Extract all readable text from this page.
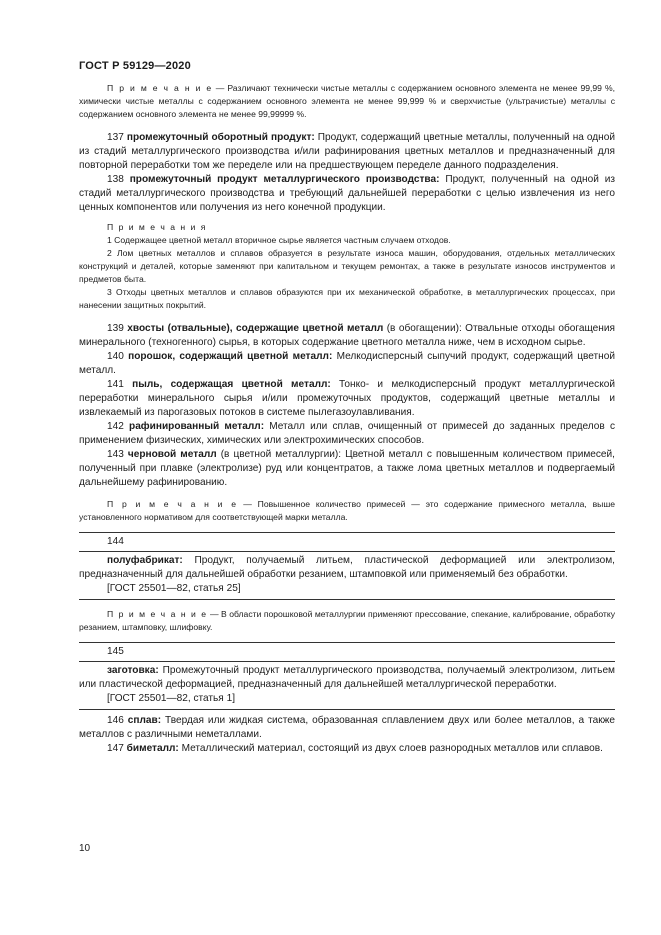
ГОСТ Р 59129—2020

П р и м е ч а н и е — Различают технически чистые металлы с содержанием основного элемента не менее 99,99 %, химически чистые металлы с содержанием основного элемента не менее 99,999 % и сверхчистые (ультрачистые) металлы с содержанием основного элемента не менее 99,99999 %.

137 промежуточный оборотный продукт: Продукт, содержащий цветные металлы, полученный на одной из стадий металлургического производства и/или рафинирования цветных металлов и предназначенный для повторной переработки том же переделе или на предшествующем переделе данного подразделения.

138 промежуточный продукт металлургического производства: Продукт, полученный на одной из стадий металлургического производства и требующий дальнейшей переработки с целью извлечения из него ценных компонентов или получения из него конечной продукции.

П р и м е ч а н и я

1 Содержащее цветной металл вторичное сырье является частным случаем отходов.

2 Лом цветных металлов и сплавов образуется в результате износа машин, оборудования, отдельных металлических конструкций и деталей, которые заменяют при капитальном и текущем ремонтах, а также в результате износов инструментов и предметов быта.

3 Отходы цветных металлов и сплавов образуются при их механической обработке, в металлургических процессах, при нанесении защитных покрытий.

139 хвосты (отвальные), содержащие цветной металл (в обогащении): Отвальные отходы обогащения минерального (техногенного) сырья, в которых содержание цветного металла ниже, чем в исходном сырье.

140 порошок, содержащий цветной металл: Мелкодисперсный сыпучий продукт, содержащий цветной металл.

141 пыль, содержащая цветной металл: Тонко- и мелкодисперсный продукт металлургической переработки минерального сырья и/или промежуточных продуктов, содержащий цветные металлы и извлекаемый из парогазовых потоков в системе пылегазоулавливания.

142 рафинированный металл: Металл или сплав, очищенный от примесей до заданных пределов с применением физических, химических или электрохимических способов.

143 черновой металл (в цветной металлургии): Цветной металл с повышенным количеством примесей, полученный при плавке (электролизе) руд или концентратов, а также лома цветных металлов и подвергаемый дальнейшему рафинированию.

П р и м е ч а н и е — Повышенное количество примесей — это содержание примесного металла, выше установленного нормативом для соответствующей марки металла.

144

полуфабрикат: Продукт, получаемый литьем, пластической деформацией или электролизом, предназначенный для дальнейшей обработки резанием, штамповкой или применяемый без обработки.

[ГОСТ 25501—82, статья 25]

П р и м е ч а н и е — В области порошковой металлургии применяют прессование, спекание, калибрование, обработку резанием, штамповку, шлифовку.

145

заготовка: Промежуточный продукт металлургического производства, получаемый электролизом, литьем или пластической деформацией, предназначенный для дальнейшей металлургической переработки.

[ГОСТ 25501—82, статья 1]

146 сплав: Твердая или жидкая система, образованная сплавлением двух или более металлов, а также металлов с различными неметаллами.

147 биметалл: Металлический материал, состоящий из двух слоев разнородных металлов или сплавов.

10
